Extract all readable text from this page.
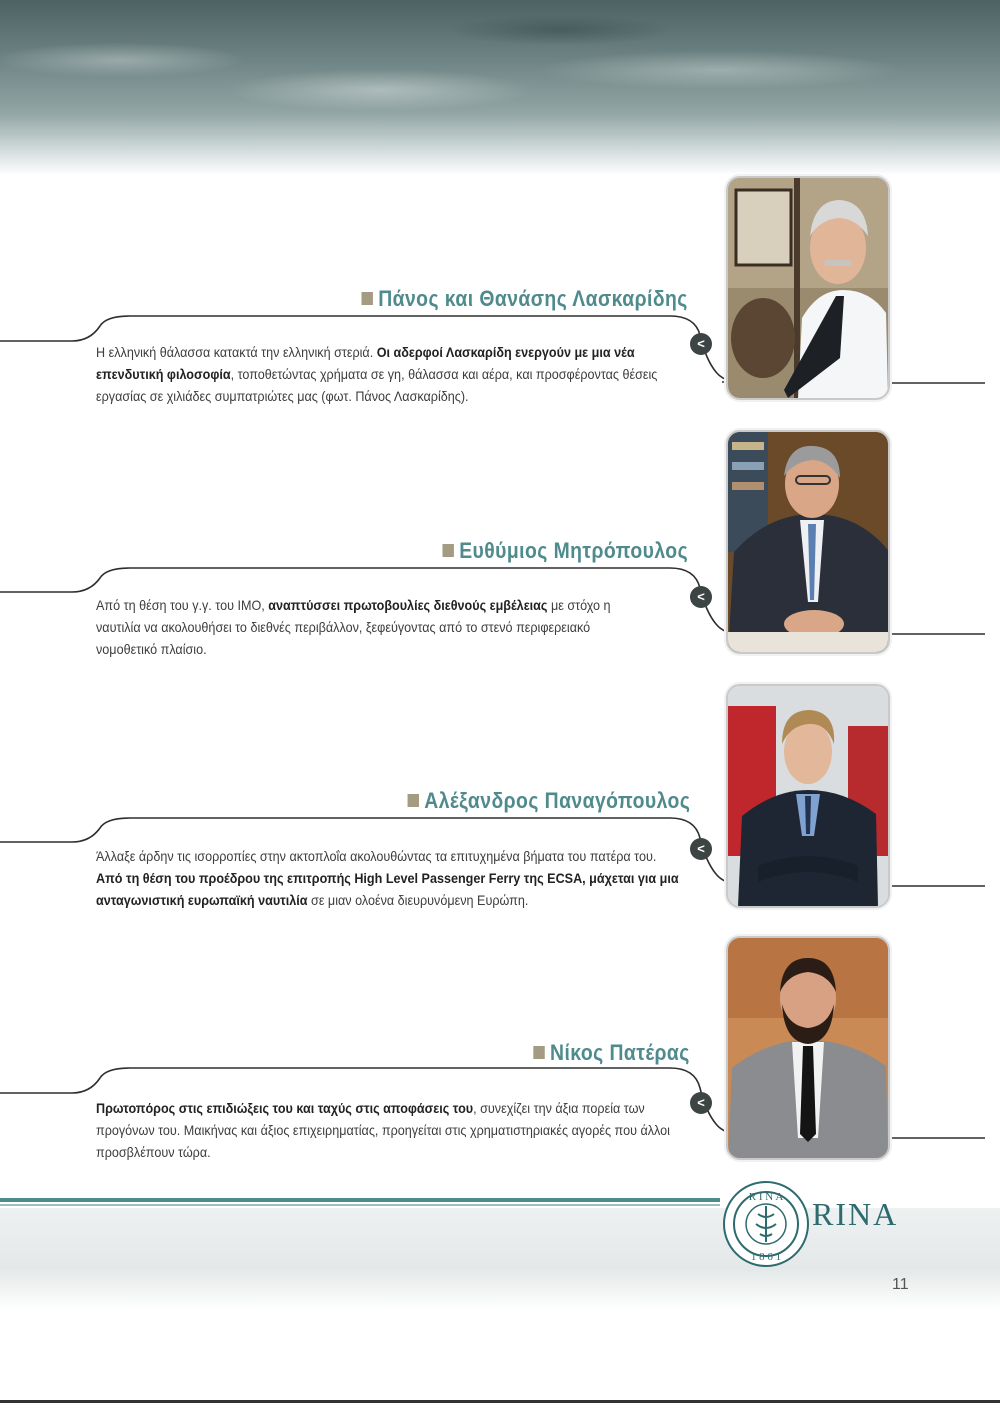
Πάνος και Θανάσης Λασκαρίδης
Η ελληνική θάλασσα κατακτά την ελληνική στεριά. Οι αδερφοί Λασκαρίδη ενεργούν με μια νέα επενδυτική φιλοσοφία, τοποθετώντας χρήματα σε γη, θάλασσα και αέρα, και προσφέροντας θέσεις εργασίας σε χιλιάδες συμπατριώτες μας (φωτ. Πάνος Λασκαρίδης).
<
Ευθύμιος Μητρόπουλος
Από τη θέση του γ.γ. του IMO, αναπτύσσει πρωτοβουλίες διεθνούς εμβέλειας με στόχο η ναυτιλία να ακολουθήσει το διεθνές περιβάλλον, ξεφεύγοντας από το στενό περιφερειακό νομοθετικό πλαίσιο.
<
Αλέξανδρος Παναγόπουλος
Άλλαξε άρδην τις ισορροπίες στην ακτοπλοΐα ακολουθώντας τα επιτυχημένα βήματα του πατέρα του. Από τη θέση του προέδρου της επιτροπής High Level Passenger Ferry της ECSA, μάχεται για μια ανταγωνιστική ευρωπαϊκή ναυτιλία σε μιαν ολοένα διευρυνόμενη Ευρώπη.
<
Νίκος Πατέρας
Πρωτοπόρος στις επιδιώξεις του και ταχύς στις αποφάσεις του, συνεχίζει την άξια πορεία των προγόνων του. Μαικήνας και άξιος επιχειρηματίας, προηγείται στις χρηματιστηριακές αγορές που άλλοι προσβλέπουν τώρα.
<
R I N A
1 8 6 1
RINA
11
